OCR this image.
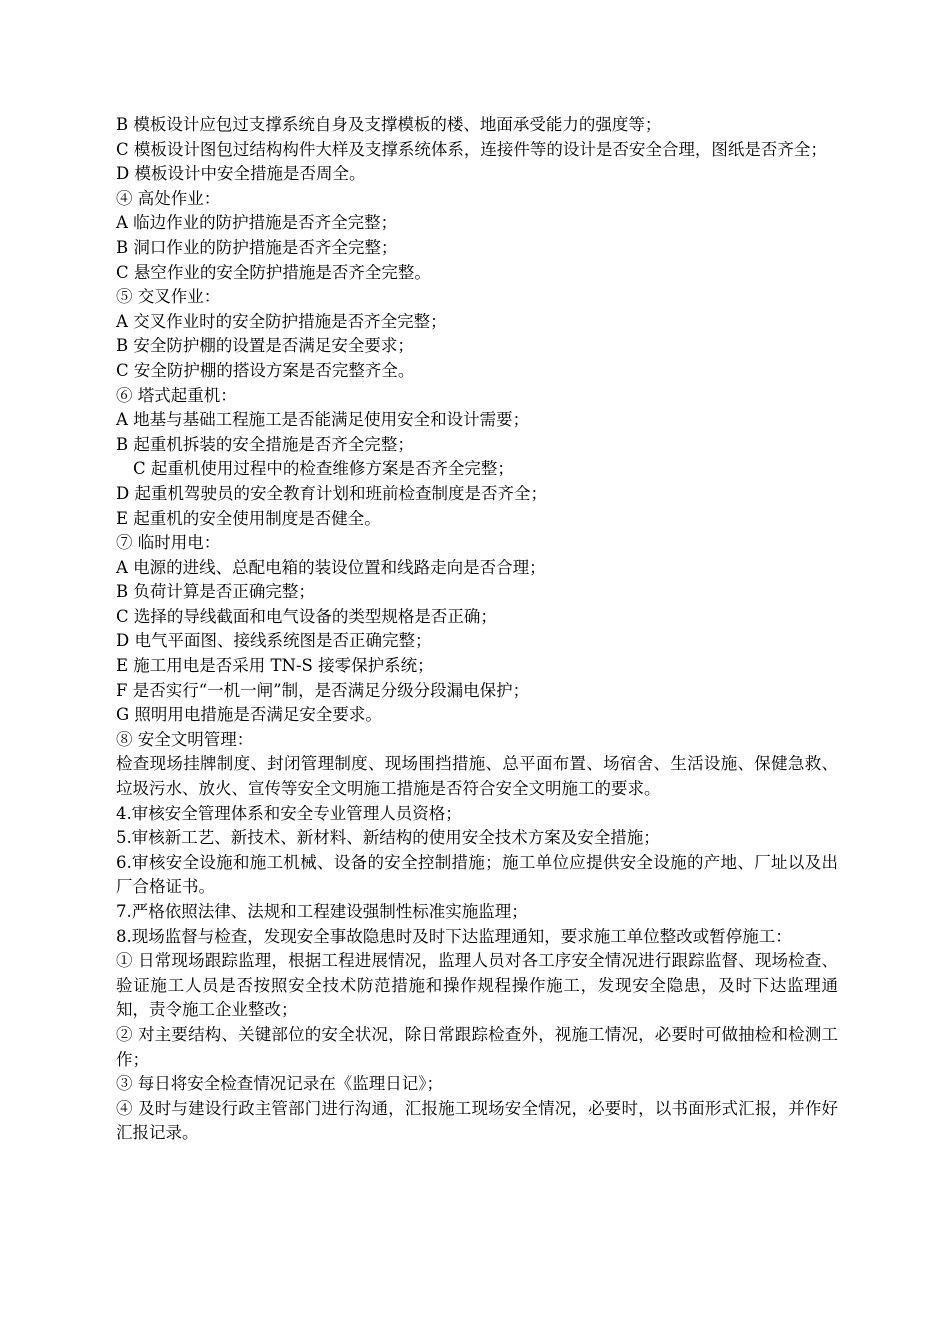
B 模板设计应包过支撑系统自身及支撑模板的楼、地面承受能力的强度等；
C 模板设计图包过结构构件大样及支撑系统体系，连接件等的设计是否安全合理，图纸是否齐全；
D 模板设计中安全措施是否周全。
④ 高处作业：
A 临边作业的防护措施是否齐全完整；
B 洞口作业的防护措施是否齐全完整；
C 悬空作业的安全防护措施是否齐全完整。
⑤ 交叉作业：
A 交叉作业时的安全防护措施是否齐全完整；
B 安全防护棚的设置是否满足安全要求；
C 安全防护棚的搭设方案是否完整齐全。
⑥ 塔式起重机：
A 地基与基础工程施工是否能满足使用安全和设计需要；
B 起重机拆装的安全措施是否齐全完整；
C 起重机使用过程中的检查维修方案是否齐全完整；
D 起重机驾驶员的安全教育计划和班前检查制度是否齐全；
E 起重机的安全使用制度是否健全。
⑦ 临时用电：
A 电源的进线、总配电箱的装设位置和线路走向是否合理；
B 负荷计算是否正确完整；
C 选择的导线截面和电气设备的类型规格是否正确；
D 电气平面图、接线系统图是否正确完整；
E 施工用电是否采用 TN-S 接零保护系统；
F 是否实行“一机一闸”制，是否满足分级分段漏电保护；
G 照明用电措施是否满足安全要求。
⑧ 安全文明管理：
检查现场挂牌制度、封闭管理制度、现场围挡措施、总平面布置、场宿舍、生活设施、保健急救、垃圾污水、放火、宣传等安全文明施工措施是否符合安全文明施工的要求。
4.审核安全管理体系和安全专业管理人员资格；
5.审核新工艺、新技术、新材料、新结构的使用安全技术方案及安全措施；
6.审核安全设施和施工机械、设备的安全控制措施；施工单位应提供安全设施的产地、厂址以及出厂合格证书。
7.严格依照法律、法规和工程建设强制性标准实施监理；
8.现场监督与检查，发现安全事故隐患时及时下达监理通知，要求施工单位整改或暂停施工：
① 日常现场跟踪监理，根据工程进展情况，监理人员对各工序安全情况进行跟踪监督、现场检查、验证施工人员是否按照安全技术防范措施和操作规程操作施工，发现安全隐患，及时下达监理通知，责令施工企业整改；
② 对主要结构、关键部位的安全状况，除日常跟踪检查外，视施工情况，必要时可做抽检和检测工作；
③ 每日将安全检查情况记录在《监理日记》；
④ 及时与建设行政主管部门进行沟通，汇报施工现场安全情况，必要时，以书面形式汇报，并作好汇报记录。
